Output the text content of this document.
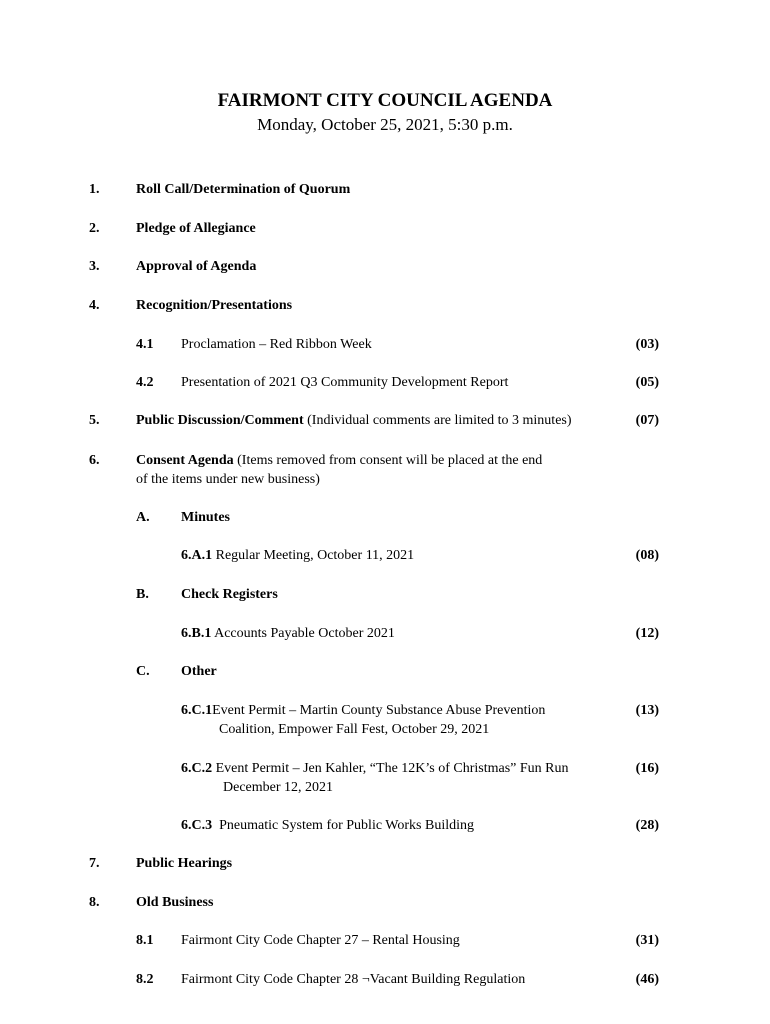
FAIRMONT CITY COUNCIL AGENDA
Monday, October 25, 2021, 5:30 p.m.
1.	Roll Call/Determination of Quorum
2.	Pledge of Allegiance
3.	Approval of Agenda
4.	Recognition/Presentations
4.1 Proclamation – Red Ribbon Week	(03)
4.2 Presentation of 2021 Q3 Community Development Report	(05)
5.	Public Discussion/Comment (Individual comments are limited to 3 minutes)	(07)
6.	Consent Agenda (Items removed from consent will be placed at the end
of the items under new business)
A. Minutes
6.A.1 Regular Meeting, October 11, 2021	(08)
B. Check Registers
6.B.1 Accounts Payable October 2021	(12)
C. Other
6.C.1Event Permit – Martin County Substance Abuse Prevention	(13)
Coalition, Empower Fall Fest, October 29, 2021
6.C.2 Event Permit – Jen Kahler, “The 12K’s of Christmas” Fun Run	(16)
December 12, 2021
6.C.3 Pneumatic System for Public Works Building	(28)
7.	Public Hearings
8.	Old Business
8.1 Fairmont City Code Chapter 27 – Rental Housing	(31)
8.2 Fairmont City Code Chapter 28 ¬Vacant Building Regulation	(46)
